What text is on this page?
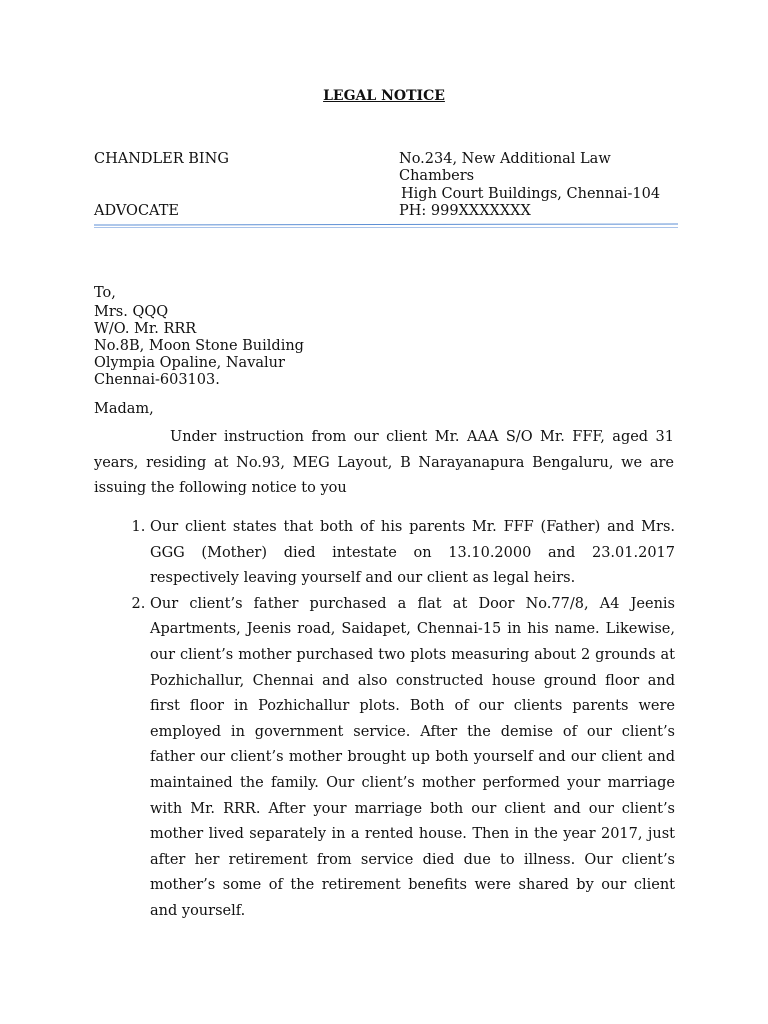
LEGAL NOTICE
CHANDLER BING
ADVOCATE
No.234, New Additional Law
Chambers
High Court Buildings, Chennai-104
PH: 999XXXXXXX
To,
Mrs. QQQ
W/O. Mr. RRR
No.8B, Moon Stone Building
Olympia Opaline, Navalur
Chennai-603103.
Madam,
Under instruction from our client Mr. AAA S/O Mr. FFF, aged 31 years, residing at No.93, MEG Layout, B Narayanapura Bengaluru, we are issuing the following notice to you
1. Our client states that both of his parents Mr. FFF (Father) and Mrs. GGG (Mother) died intestate on 13.10.2000 and 23.01.2017 respectively leaving yourself and our client as legal heirs.
2. Our client’s father purchased a flat at Door No.77/8, A4 Jeenis Apartments, Jeenis road, Saidapet, Chennai-15 in his name. Likewise, our client’s mother purchased two plots measuring about 2 grounds at Pozhichallur, Chennai and also constructed house ground floor and first floor in Pozhichallur plots. Both of our clients parents were employed in government service. After the demise of our client’s father our client’s mother brought up both yourself and our client and maintained the family. Our client’s mother performed your marriage with Mr. RRR. After your marriage both our client and our client’s mother lived separately in a rented house. Then in the year 2017, just after her retirement from service died due to illness. Our client’s mother’s some of the retirement benefits were shared by our client and yourself.
